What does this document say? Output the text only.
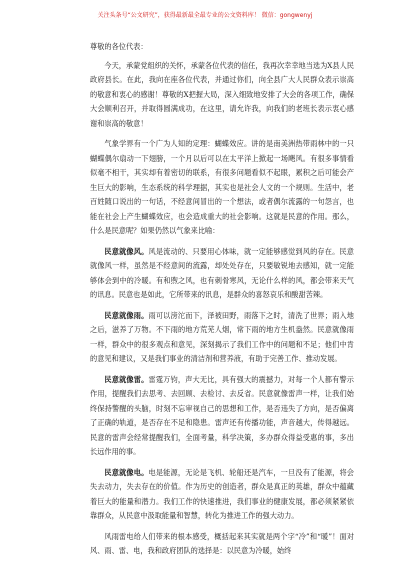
关注头条号“公文研究”，获得最新最全最专业的公文资料库！ 微信：gongwenyj

尊敬的各位代表：

今天，承蒙党组织的关怀，承蒙各位代表的信任，我再次幸幸地当选为X县人民政府县长。在此，我向在座各位代表，并通过你们，向全县广大人民群众表示崇高的敬意和衷心的感谢！尊敬的X把握大局，深入细致地安排了大会的各项工作，确保大会顺利召开，并取得圆满成功，在这里，请允许我，向我们的老班长表示衷心感谢和崇高的敬意！

气象学界有一个广为人知的定理：蝴蝶效应。讲的是南美洲热带雨林中的一只蝴蝶偶尔扇动一下翅膀，一个月以后可以在太平洋上掀起一场飓风。有很多事情看似毫不相干，其实却有着密切的联系，有很多问题看似不起眼，累积之后可能会产生巨大的影响，生态系统的科学理据，其实也是社会人文的一个规则。生活中，老百姓随口说出的一句话，不经意间冒出的一个想法，或者偶尔流露的一句怨言，也能在社会上产生蝴蝶效应，也会造成重大的社会影响。这就是民意的作用。那么，什么是民意呢？如果仍然以气象来比喻：

民意就像风。风是流动的、只要用心体味，就一定能够感觉到风的存在。民意就像风一样，虽然是不经意间的流露，却处处存在，只要敏锐地去感知，就一定能够体会到中的冷暖。有和煦之风，也有刺骨寒风，无论什么样的风，都会带来天气的讯息。民意也是如此，它所带来的讯息，是群众的喜怒哀乐和酸甜苦辣。

民意就像雨。雨可以滂沱而下，泽被田野，雨落下之时，清洗了世界；雨入地之后，滋养了万物。不下雨的地方荒芜人烟，常下雨的地方生机盎然。民意就像雨一样，群众中的很多观点和意见，深刻揭示了我们工作中的问题和不足；他们中肯的意见和建议，又是我们事业的清洁剂和营养液，有助于完善工作、推动发展。

民意就像雷。雷霆万钧，声大无比，具有强大的震撼力，对每一个人都有警示作用，提醒我们去思考、去回顾、去检讨、去反省。民意就像雷声一样，让我们始终保持警醒的头脑，时刻不忘审视自己的思想和工作，是否违失了方向，是否偏离了正确的轨道，是否存在不足和隐患。雷声还有传播功能，声音越大，传得越远。民意的雷声会经常提醒我们，全面考量，科学决策，多办群众得益受惠的事，多出长远作用的事。

民意就像电。电是能源，无论是飞机、轮船还是汽车，一旦没有了能源，将会失去动力，失去存在的价值。作为历史的创造者，群众是真正的英雄，群众中蕴藏着巨大的能量和潜力。我们工作的快速推进，我们事业的健康发展，都必须紧紧依靠群众，从民意中汲取能量和智慧，转化为推进工作的强大动力。

风雨雷电给人们带来的根本感受，概括起来其实就是两个字“冷”和“暖”！面对风、雨、雷、电，我和政府团队的选择是：以民意为冷暖，始终
